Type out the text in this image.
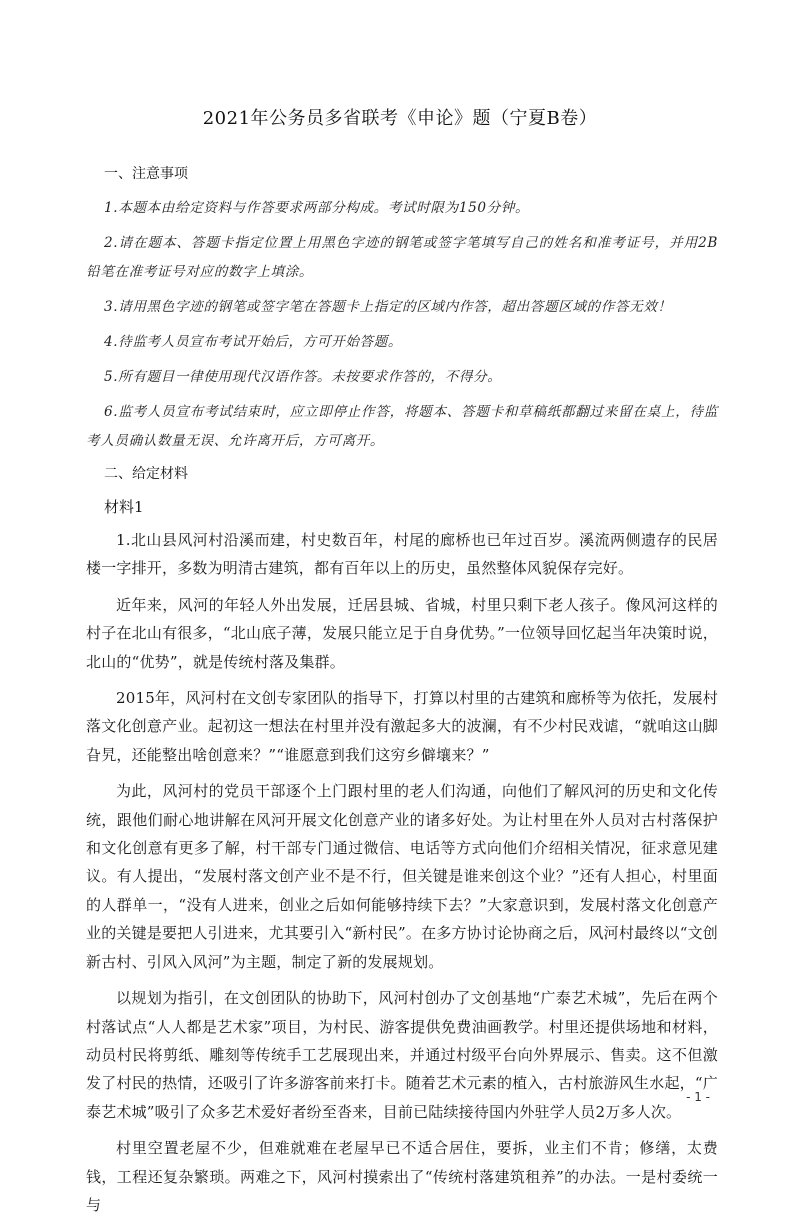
2021年公务员多省联考《申论》题（宁夏B卷）
一、注意事项

1.本题本由给定资料与作答要求两部分构成。考试时限为150分钟。

2.请在题本、答题卡指定位置上用黑色字迹的钢笔或签字笔填写自己的姓名和准考证号，并用2B铅笔在准考证号对应的数字上填涂。

3.请用黑色字迹的钢笔或签字笔在答题卡上指定的区域内作答，超出答题区域的作答无效！

4.待监考人员宣布考试开始后，方可开始答题。

5.所有题目一律使用现代汉语作答。未按要求作答的，不得分。

6.监考人员宣布考试结束时，应立即停止作答，将题本、答题卡和草稿纸都翻过来留在桌上，待监考人员确认数量无误、允许离开后，方可离开。

二、给定材料
材料1

1.北山县风河村沿溪而建，村史数百年，村尾的廊桥也已年过百岁。溪流两侧遗存的民居楼一字排开，多数为明清古建筑，都有百年以上的历史，虽然整体风貌保存完好。

近年来，风河的年轻人外出发展，迁居县城、省城，村里只剩下老人孩子。像风河这样的村子在北山有很多，“北山底子薄，发展只能立足于自身优势。”一位领导回忆起当年决策时说，北山的“优势”，就是传统村落及集群。

2015年，风河村在文创专家团队的指导下，打算以村里的古建筑和廊桥等为依托，发展村落文化创意产业。起初这一想法在村里并没有激起多大的波澜，有不少村民戏谑，“就咱这山脚旮旯，还能整出啥创意来？”“谁愿意到我们这穷乡僻壤来？”

为此，风河村的党员干部逐个上门跟村里的老人们沟通，向他们了解风河的历史和文化传统，跟他们耐心地讲解在风河开展文化创意产业的诸多好处。为让村里在外人员对古村落保护和文化创意有更多了解，村干部专门通过微信、电话等方式向他们介绍相关情况，征求意见建议。有人提出，“发展村落文创产业不是不行，但关键是谁来创这个业？”还有人担心，村里面的人群单一，“没有人进来，创业之后如何能够持续下去？”大家意识到，发展村落文化创意产业的关键是要把人引进来，尤其要引入“新村民”。在多方协讨论协商之后，风河村最终以“文创新古村、引风入风河”为主题，制定了新的发展规划。

以规划为指引，在文创团队的协助下，风河村创办了文创基地“广泰艺术城”，先后在两个村落试点“人人都是艺术家”项目，为村民、游客提供免费油画教学。村里还提供场地和材料，动员村民将剪纸、雕刻等传统手工艺展现出来，并通过村级平台向外界展示、售卖。这不但激发了村民的热情，还吸引了许多游客前来打卡。随着艺术元素的植入，古村旅游风生水起，“广泰艺术城”吸引了众多艺术爱好者纷至沓来，目前已陆续接待国内外驻学人员2万多人次。

村里空置老屋不少，但难就难在老屋早已不适合居住，要拆，业主们不肯；修缮，太费钱，工程还复杂繁琐。两难之下，风河村摸索出了“传统村落建筑租养”的办法。一是村委统一与

- 1 -
